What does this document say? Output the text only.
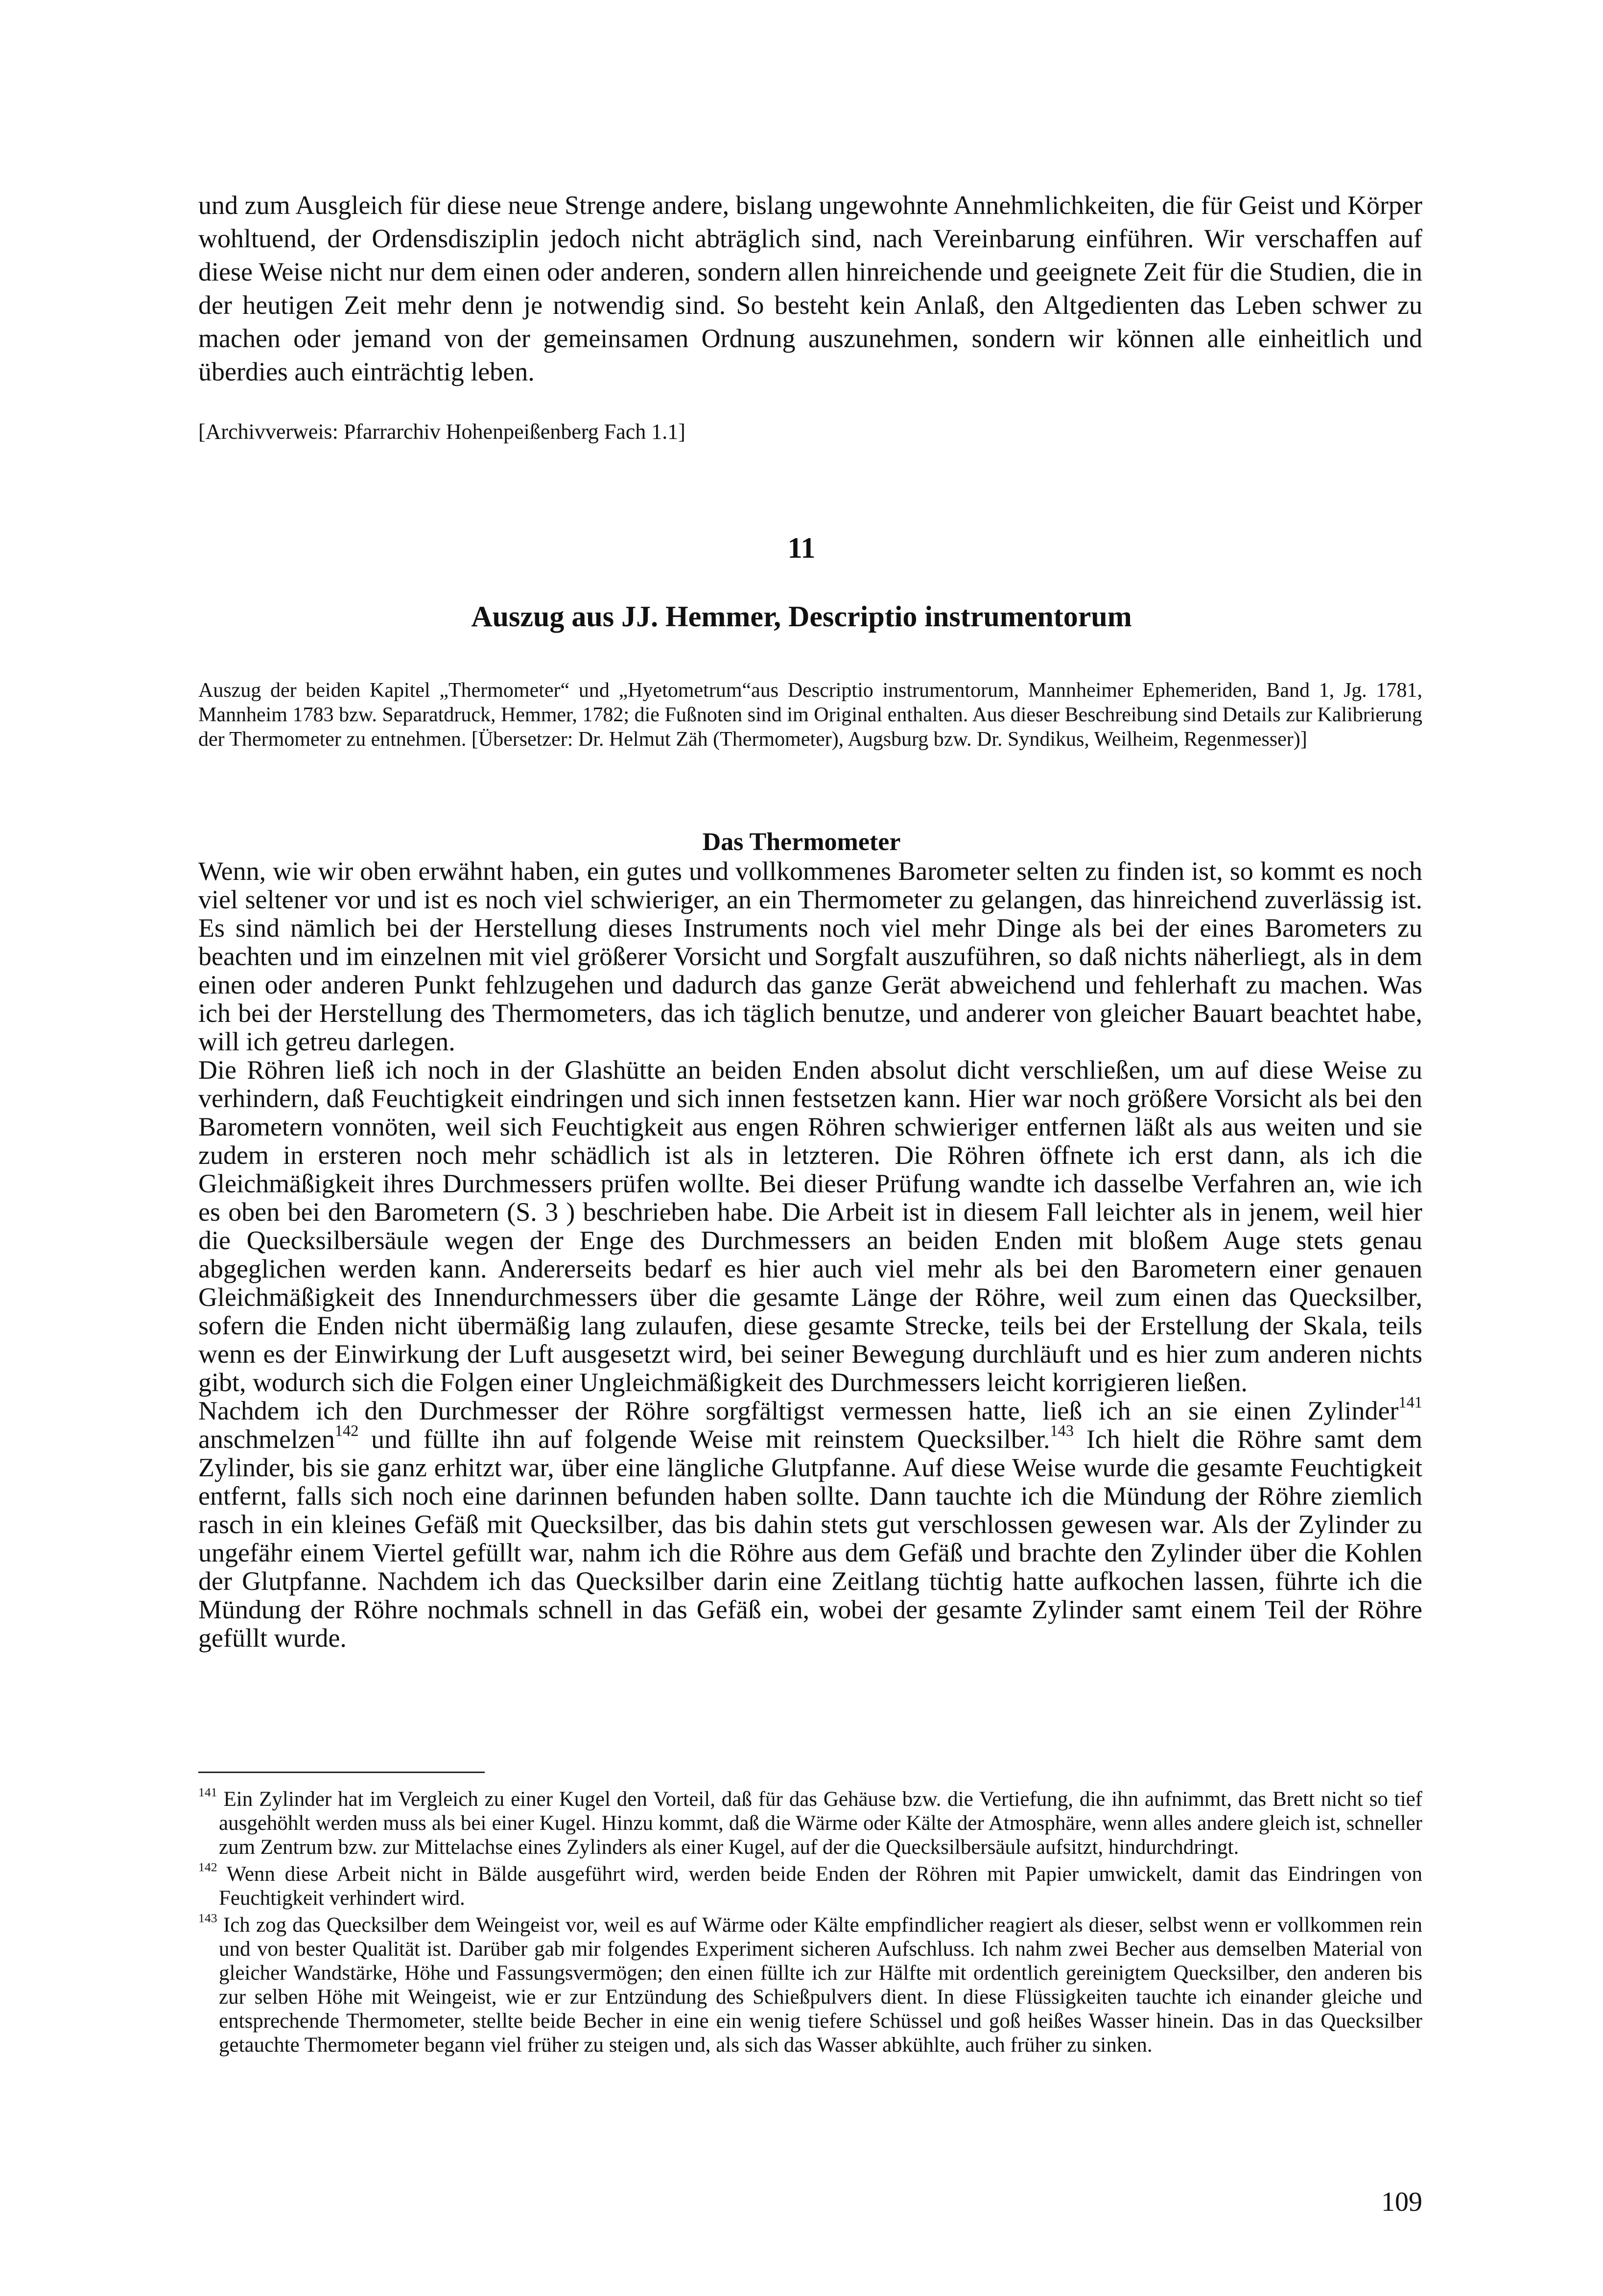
und zum Ausgleich für diese neue Strenge andere, bislang ungewohnte Annehmlichkeiten, die für Geist und Körper wohltuend, der Ordensdisziplin jedoch nicht abträglich sind, nach Vereinbarung einführen. Wir verschaffen auf diese Weise nicht nur dem einen oder anderen, sondern allen hinreichende und geeignete Zeit für die Studien, die in der heutigen Zeit mehr denn je notwendig sind. So besteht kein Anlaß, den Altgedienten das Leben schwer zu machen oder jemand von der gemeinsamen Ordnung auszunehmen, sondern wir können alle einheitlich und überdies auch einträchtig leben.

[Archivverweis: Pfarrarchiv Hohenpeißenberg Fach 1.1]

11
Auszug aus JJ. Hemmer, Descriptio instrumentorum

Auszug der beiden Kapitel „Thermometer“ und „Hyetometrum“aus Descriptio instrumentorum, Mannheimer Ephemeriden, Band 1, Jg. 1781, Mannheim 1783 bzw. Separatdruck, Hemmer, 1782; die Fußnoten sind im Original enthalten. Aus dieser Beschreibung sind Details zur Kalibrierung der Thermometer zu entnehmen. [Übersetzer: Dr. Helmut Zäh (Thermometer), Augsburg bzw. Dr. Syndikus, Weilheim, Regenmesser)]

Das Thermometer

Wenn, wie wir oben erwähnt haben, ein gutes und vollkommenes Barometer selten zu finden ist, so kommt es noch viel seltener vor und ist es noch viel schwieriger, an ein Thermometer zu gelangen, das hinreichend zuverlässig ist. Es sind nämlich bei der Herstellung dieses Instruments noch viel mehr Dinge als bei der eines Barometers zu beachten und im einzelnen mit viel größerer Vorsicht und Sorgfalt auszuführen, so daß nichts näherliegt, als in dem einen oder anderen Punkt fehlzugehen und dadurch das ganze Gerät abweichend und fehlerhaft zu machen. Was ich bei der Herstellung des Thermometers, das ich täglich benutze, und anderer von gleicher Bauart beachtet habe, will ich getreu darlegen.

Die Röhren ließ ich noch in der Glashütte an beiden Enden absolut dicht verschließen, um auf diese Weise zu verhindern, daß Feuchtigkeit eindringen und sich innen festsetzen kann. Hier war noch größere Vorsicht als bei den Barometern vonnöten, weil sich Feuchtigkeit aus engen Röhren schwieriger entfernen läßt als aus weiten und sie zudem in ersteren noch mehr schädlich ist als in letzteren. Die Röhren öffnete ich erst dann, als ich die Gleichmäßigkeit ihres Durchmessers prüfen wollte. Bei dieser Prüfung wandte ich dasselbe Verfahren an, wie ich es oben bei den Barometern (S. 3 ) beschrieben habe. Die Arbeit ist in diesem Fall leichter als in jenem, weil hier die Quecksilbersäule wegen der Enge des Durchmessers an beiden Enden mit bloßem Auge stets genau abgeglichen werden kann. Andererseits bedarf es hier auch viel mehr als bei den Barometern einer genauen Gleichmäßigkeit des Innendurchmessers über die gesamte Länge der Röhre, weil zum einen das Quecksilber, sofern die Enden nicht übermäßig lang zulaufen, diese gesamte Strecke, teils bei der Erstellung der Skala, teils wenn es der Einwirkung der Luft ausgesetzt wird, bei seiner Bewegung durchläuft und es hier zum anderen nichts gibt, wodurch sich die Folgen einer Ungleichmäßigkeit des Durchmessers leicht korrigieren ließen.

Nachdem ich den Durchmesser der Röhre sorgfältigst vermessen hatte, ließ ich an sie einen Zylinder$^{141}$ anschmelzen$^{142}$ und füllte ihn auf folgende Weise mit reinstem Quecksilber.$^{143}$ Ich hielt die Röhre samt dem Zylinder, bis sie ganz erhitzt war, über eine längliche Glutpfanne. Auf diese Weise wurde die gesamte Feuchtigkeit entfernt, falls sich noch eine darinnen befunden haben sollte. Dann tauchte ich die Mündung der Röhre ziemlich rasch in ein kleines Gefäß mit Quecksilber, das bis dahin stets gut verschlossen gewesen war. Als der Zylinder zu ungefähr einem Viertel gefüllt war, nahm ich die Röhre aus dem Gefäß und brachte den Zylinder über die Kohlen der Glutpfanne. Nachdem ich das Quecksilber darin eine Zeitlang tüchtig hatte aufkochen lassen, führte ich die Mündung der Röhre nochmals schnell in das Gefäß ein, wobei der gesamte Zylinder samt einem Teil der Röhre gefüllt wurde.

$^{141}$ Ein Zylinder hat im Vergleich zu einer Kugel den Vorteil, daß für das Gehäuse bzw. die Vertiefung, die ihn aufnimmt, das Brett nicht so tief ausgehöhlt werden muss als bei einer Kugel. Hinzu kommt, daß die Wärme oder Kälte der Atmosphäre, wenn alles andere gleich ist, schneller zum Zentrum bzw. zur Mittelachse eines Zylinders als einer Kugel, auf der die Quecksilbersäule aufsitzt, hindurchdringt.

$^{142}$ Wenn diese Arbeit nicht in Bälde ausgeführt wird, werden beide Enden der Röhren mit Papier umwickelt, damit das Eindringen von Feuchtigkeit verhindert wird.

$^{143}$ Ich zog das Quecksilber dem Weingeist vor, weil es auf Wärme oder Kälte empfindlicher reagiert als dieser, selbst wenn er vollkommen rein und von bester Qualität ist. Darüber gab mir folgendes Experiment sicheren Aufschluss. Ich nahm zwei Becher aus demselben Material von gleicher Wandstärke, Höhe und Fassungsvermögen; den einen füllte ich zur Hälfte mit ordentlich gereinigtem Quecksilber, den anderen bis zur selben Höhe mit Weingeist, wie er zur Entzündung des Schießpulvers dient. In diese Flüssigkeiten tauchte ich einander gleiche und entsprechende Thermometer, stellte beide Becher in eine ein wenig tiefere Schüssel und goß heißes Wasser hinein. Das in das Quecksilber getauchte Thermometer begann viel früher zu steigen und, als sich das Wasser abkühlte, auch früher zu sinken.

109
